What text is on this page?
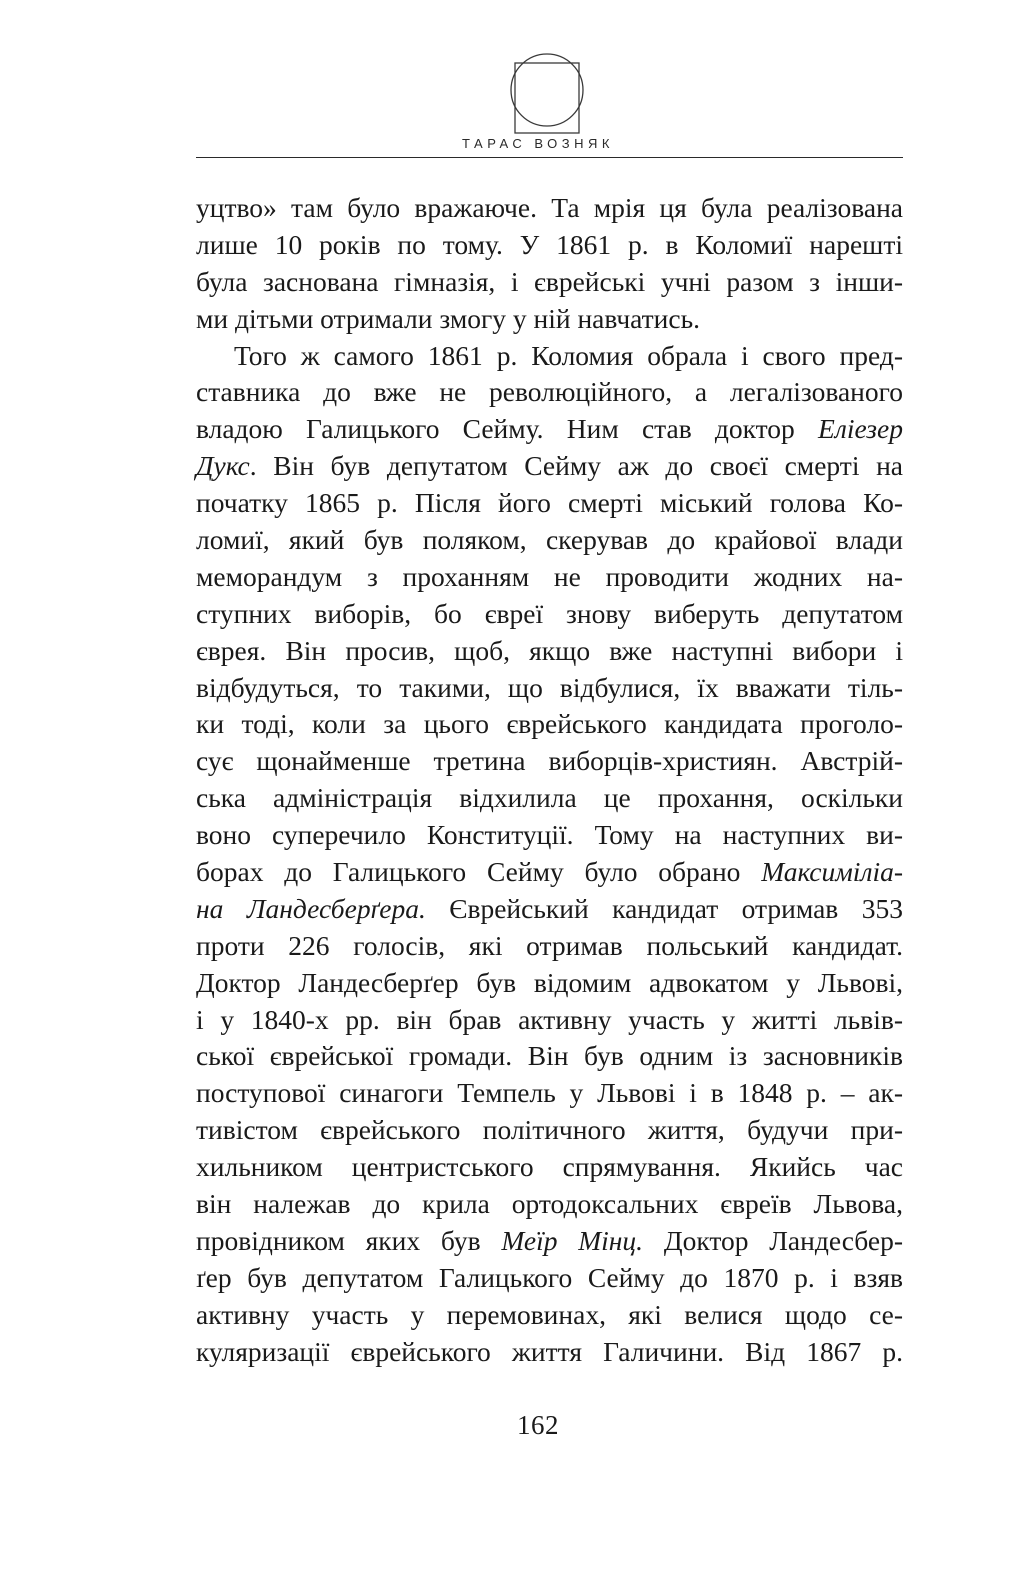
ТАРАС ВОЗНЯК
уцтво» там було вражаюче. Та мрія ця була реалізована
лише 10 років по тому. У 1861 р. в Коломиї нарешті
була заснована гімназія, і єврейські учні разом з інши-
ми дітьми отримали змогу у ній навчатись.
Того ж самого 1861 р. Коломия обрала і свого пред-
ставника до вже не революційного, а легалізованого
владою Галицького Сейму. Ним став доктор Еліезер
Дукс. Він був депутатом Сейму аж до своєї смерті на
початку 1865 р. Після його смерті міський голова Ко-
ломиї, який був поляком, скерував до крайової влади
меморандум з проханням не проводити жодних на-
ступних виборів, бо євреї знову виберуть депутатом
єврея. Він просив, щоб, якщо вже наступні вибори і
відбудуться, то такими, що відбулися, їх вважати тіль-
ки тоді, коли за цього єврейського кандидата проголо-
сує щонайменше третина виборців-християн. Австрій-
ська адміністрація відхилила це прохання, оскільки
воно суперечило Конституції. Тому на наступних ви-
борах до Галицького Сейму було обрано Максиміліа-
на Ландесберґера. Єврейський кандидат отримав 353
проти 226 голосів, які отримав польський кандидат.
Доктор Ландесберґер був відомим адвокатом у Львові,
і у 1840-х рр. він брав активну участь у житті львів-
ської єврейської громади. Він був одним із засновників
поступової синагоги Темпель у Львові і в 1848 р. – ак-
тивістом єврейського політичного життя, будучи при-
хильником центристського спрямування. Якийсь час
він належав до крила ортодоксальних євреїв Львова,
провідником яких був Меїр Мінц. Доктор Ландесбер-
ґер був депутатом Галицького Сейму до 1870 р. і взяв
активну участь у перемовинах, які велися щодо се-
куляризації єврейського життя Галичини. Від 1867 р.
162
